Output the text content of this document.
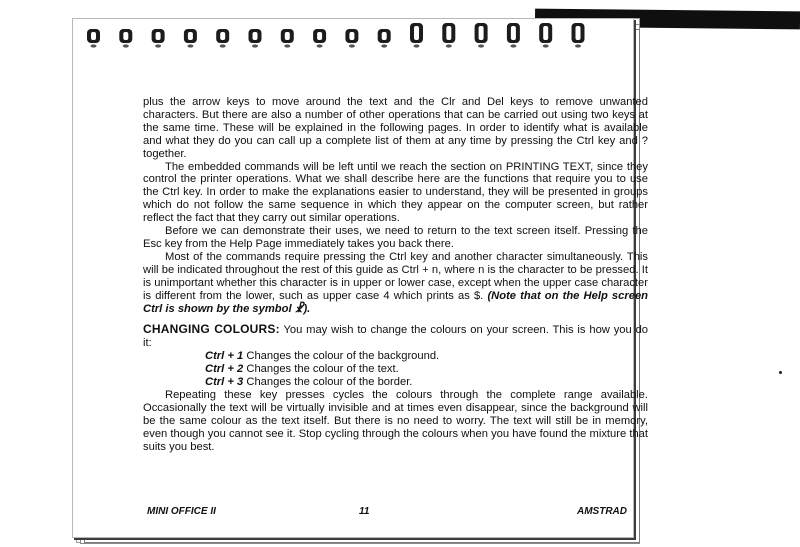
plus the arrow keys to move around the text and the Clr and Del keys to remove unwanted characters. But there are also a number of other operations that can be carried out using two keys at the same time. These will be explained in the following pages. In order to identify what is available and what they do you can call up a complete list of them at any time by pressing the Ctrl key and ? together.

The embedded commands will be left until we reach the section on PRINTING TEXT, since they control the printer operations. What we shall describe here are the functions that require you to use the Ctrl key. In order to make the explanations easier to understand, they will be presented in groups which do not follow the same sequence in which they appear on the computer screen, but rather reflect the fact that they carry out similar operations.

Before we can demonstrate their uses, we need to return to the text screen itself. Pressing the Esc key from the Help Page immediately takes you back there.

Most of the commands require pressing the Ctrl key and another character simultaneously. This will be indicated throughout the rest of this guide as Ctrl + n, where n is the character to be pressed. It is unimportant whether this character is in upper or lower case, except when the upper case character is different from the lower, such as upper case 4 which prints as $. (Note that on the Help screen Ctrl is shown by the symbol ☧).

CHANGING COLOURS: You may wish to change the colours on your screen. This is how you do it:

Ctrl + 1 Changes the colour of the background.
Ctrl + 2 Changes the colour of the text.
Ctrl + 3 Changes the colour of the border.

Repeating these key presses cycles the colours through the complete range available. Occasionally the text will be virtually invisible and at times even disappear, since the background will be the same colour as the text itself. But there is no need to worry. The text will still be in memory, even though you cannot see it. Stop cycling through the colours when you have found the mixture that suits you best.

MINI OFFICE II	11	AMSTRAD
